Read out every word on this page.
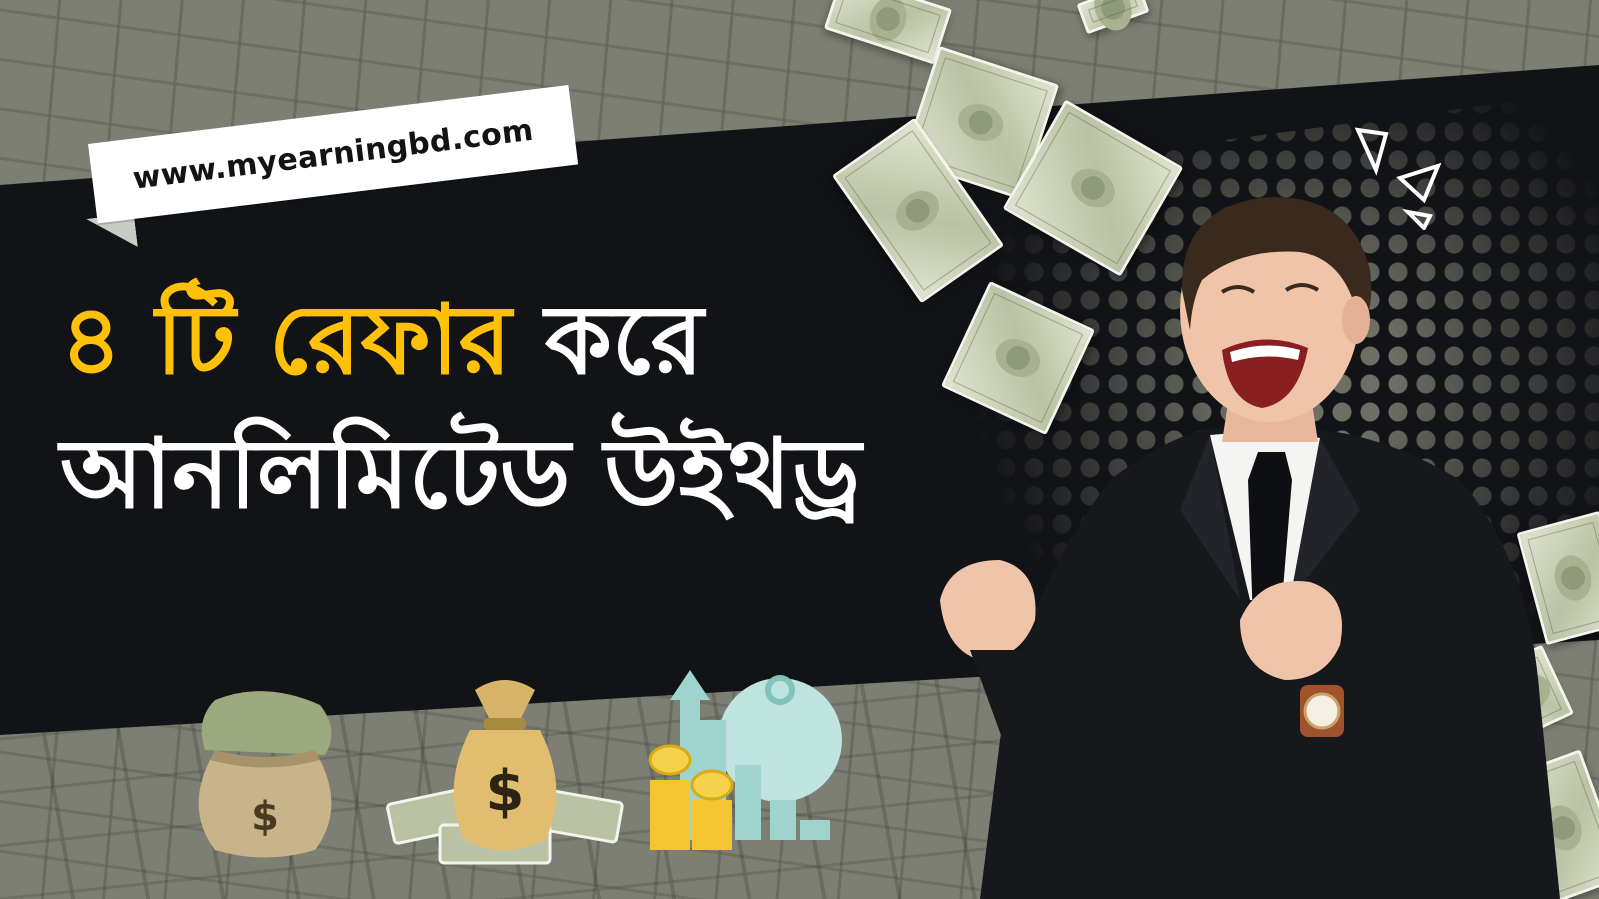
www.myearningbd.com
৪ টি রেফার করে
আনলিমিটেড উইথড্র
$	$
